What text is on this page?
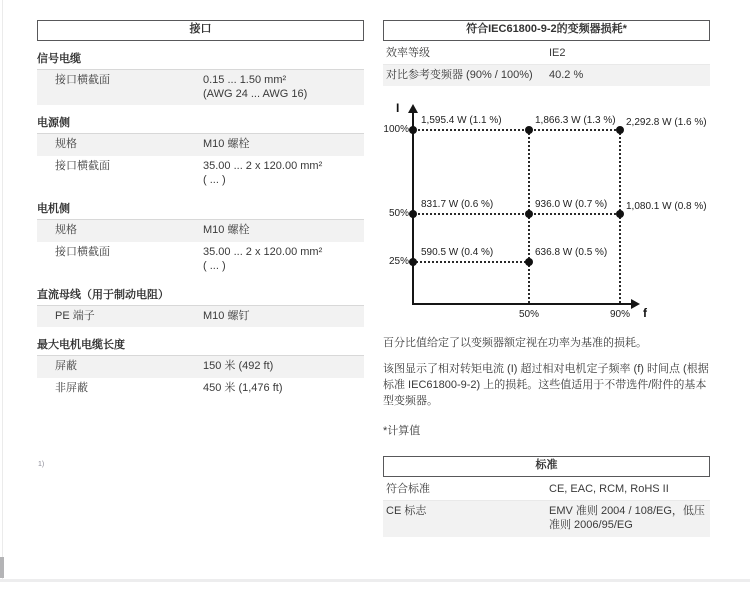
接口
信号电缆
接口横截面	0.15 ... 1.50 mm²
(AWG 24 ... AWG 16)
电源侧
规格	M10 螺栓
接口横截面	35.00 ... 2 x 120.00 mm²
( ... )
电机侧
规格	M10 螺栓
接口横截面	35.00 ... 2 x 120.00 mm²
( ... )
直流母线（用于制动电阻）
PE 端子	M10 螺钉
最大电机电缆长度
屏蔽	150 米 (492 ft)
非屏蔽	450 米 (1,476 ft)
符合IEC61800-9-2的变频器损耗*
效率等级	IE2
对比参考变频器 (90% / 100%)	40.2 %
I
f
100%
50%
25%
50%	90%
1,595.4 W (1.1 %)	1,866.3 W (1.3 %) 2,292.8 W (1.6 %)
831.7 W (0.6 %)	936.0 W (0.7 %) 1,080.1 W (0.8 %)
590.5 W (0.4 %)	636.8 W (0.5 %)

百分比值给定了以变频器额定视在功率为基准的损耗。

该图显示了相对转矩电流 (I) 超过相对电机定子频率 (f) 时间点 (根据标准 IEC61800-9-2) 上的损耗。这些值适用于不带选件/附件的基本型变频器。

*计算值

标准
符合标准	CE, EAC, RCM, RoHS II
CE 标志	EMV 准则 2004 / 108/EG，低压准则 2006/95/EG
1)
